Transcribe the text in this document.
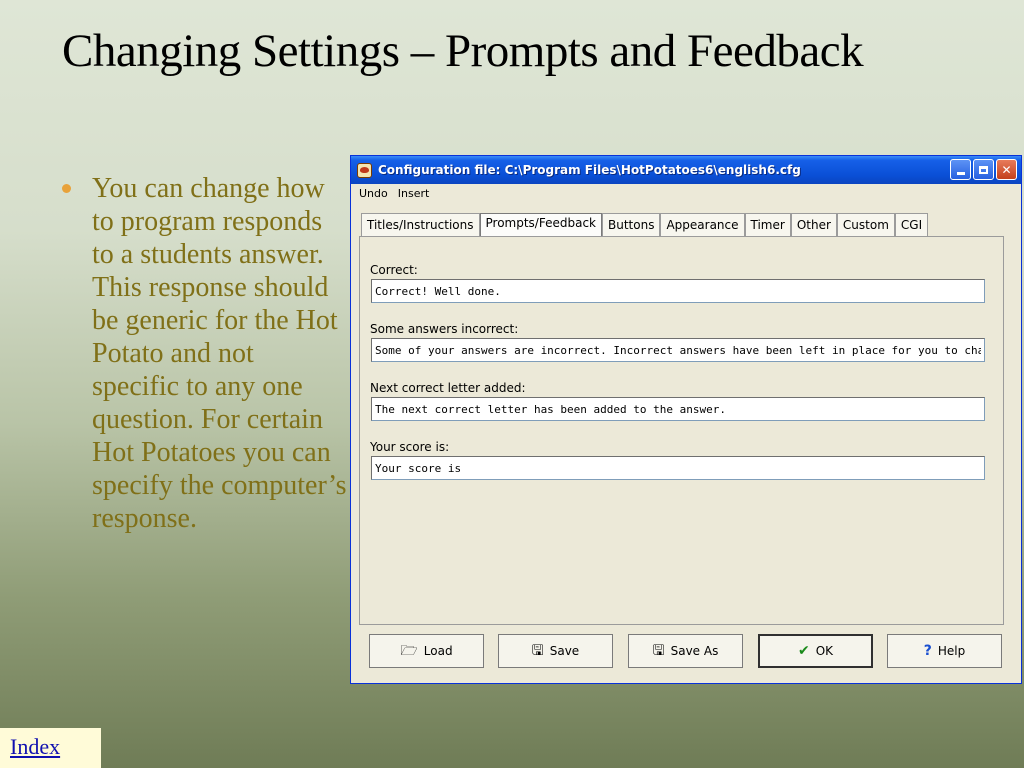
Changing Settings – Prompts and Feedback
You can change how to program responds to a students answer. This response should be generic for the Hot Potato and not specific to any one question. For certain Hot Potatoes you can specify the computer’s response.
Index
Configuration file: C:\Program Files\HotPotatoes6\english6.cfg	✕
Undo Insert
Titles/Instructions	Prompts/Feedback	Buttons	Appearance	Timer	Other	Custom	CGI
Correct:
Correct! Well done.
Some answers incorrect:
Some of your answers are incorrect. Incorrect answers have been left in place for you to change.
Next correct letter added:
The next correct letter has been added to the answer.
Your score is:
Your score is
🗁 Load	🖫 Save	🖫 Save As	✔ OK	? Help
